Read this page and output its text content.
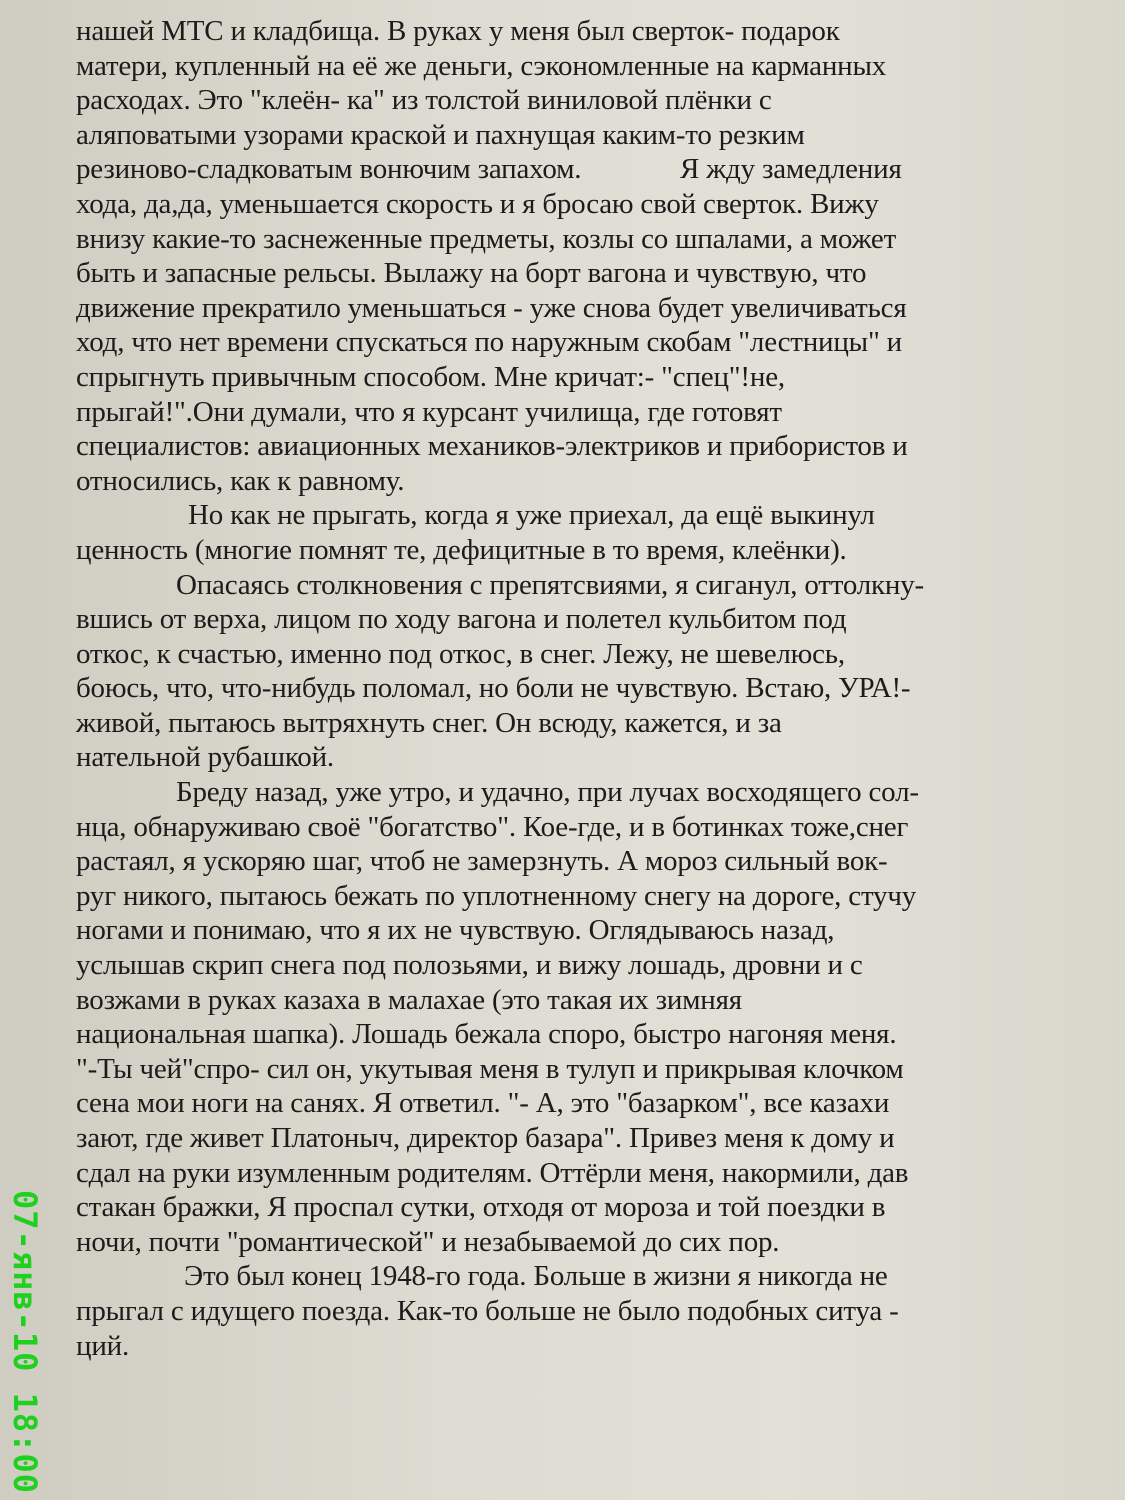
нашей МТС и кладбища. В руках у меня был сверток- подарок
матери, купленный на её же деньги, сэкономленные на карманных
расходах. Это "клеён- ка" из толстой виниловой плёнки с
аляповатыми узорами краской и пахнущая каким-то резким
резиново-сладковатым вонючим запахом.              Я жду замедления
хода, да,да, уменьшается скорость и я бросаю свой сверток. Вижу
внизу какие-то заснеженные предметы, козлы со шпалами, а может
быть и запасные рельсы. Вылажу на борт вагона и чувствую, что
движение прекратило уменьшаться - уже снова будет увеличиваться
ход, что нет времени спускаться по наружным скобам "лестницы" и
спрыгнуть привычным способом. Мне кричат:- "спец"!не,
прыгай!".Они думали, что я курсант училища, где готовят
специалистов: авиационных механиков-электриков и прибористов и
относились, как к равному.
Но как не прыгать, когда я уже приехал, да ещё выкинул
ценность (многие помнят те, дефицитные в то время, клеёнки).
Опасаясь столкновения с препятсвиями, я сиганул, оттолкну-
вшись от верха, лицом по ходу вагона и полетел кульбитом под
откос, к счастью, именно под откос, в снег. Лежу, не шевелюсь,
боюсь, что, что-нибудь поломал, но боли не чувствую. Встаю, УРА!-
живой, пытаюсь вытряхнуть снег. Он всюду, кажется, и за
нательной рубашкой.
Бреду назад, уже утро, и удачно, при лучах восходящего сол-
нца, обнаруживаю своё "богатство". Кое-где, и в ботинках тоже,снег
растаял, я ускоряю шаг, чтоб не замерзнуть. А мороз сильный вок-
руг никого, пытаюсь бежать по уплотненному снегу на дороге, стучу
ногами и понимаю, что я их не чувствую. Оглядываюсь назад,
услышав скрип снега под полозьями, и вижу лошадь, дровни и с
возжами в руках казаха в малахае (это такая их зимняя
национальная шапка). Лошадь бежала споро, быстро нагоняя меня.
"-Ты чей"спро- сил он, укутывая меня в тулуп и прикрывая клочком
сена мои ноги на санях. Я ответил. "- А, это "базарком", все казахи
зают, где живет Платоныч, директор базара". Привез меня к дому и
сдал на руки изумленным родителям. Оттёрли меня, накормили, дав
стакан бражки, Я проспал сутки, отходя от мороза и той поездки в
ночи, почти "романтической" и незабываемой до сих пор.
Это был конец 1948-го года. Больше в жизни я никогда не
прыгал с идущего поезда. Как-то больше не было подобных ситуа -
ций.
07-янв-10 18:00
